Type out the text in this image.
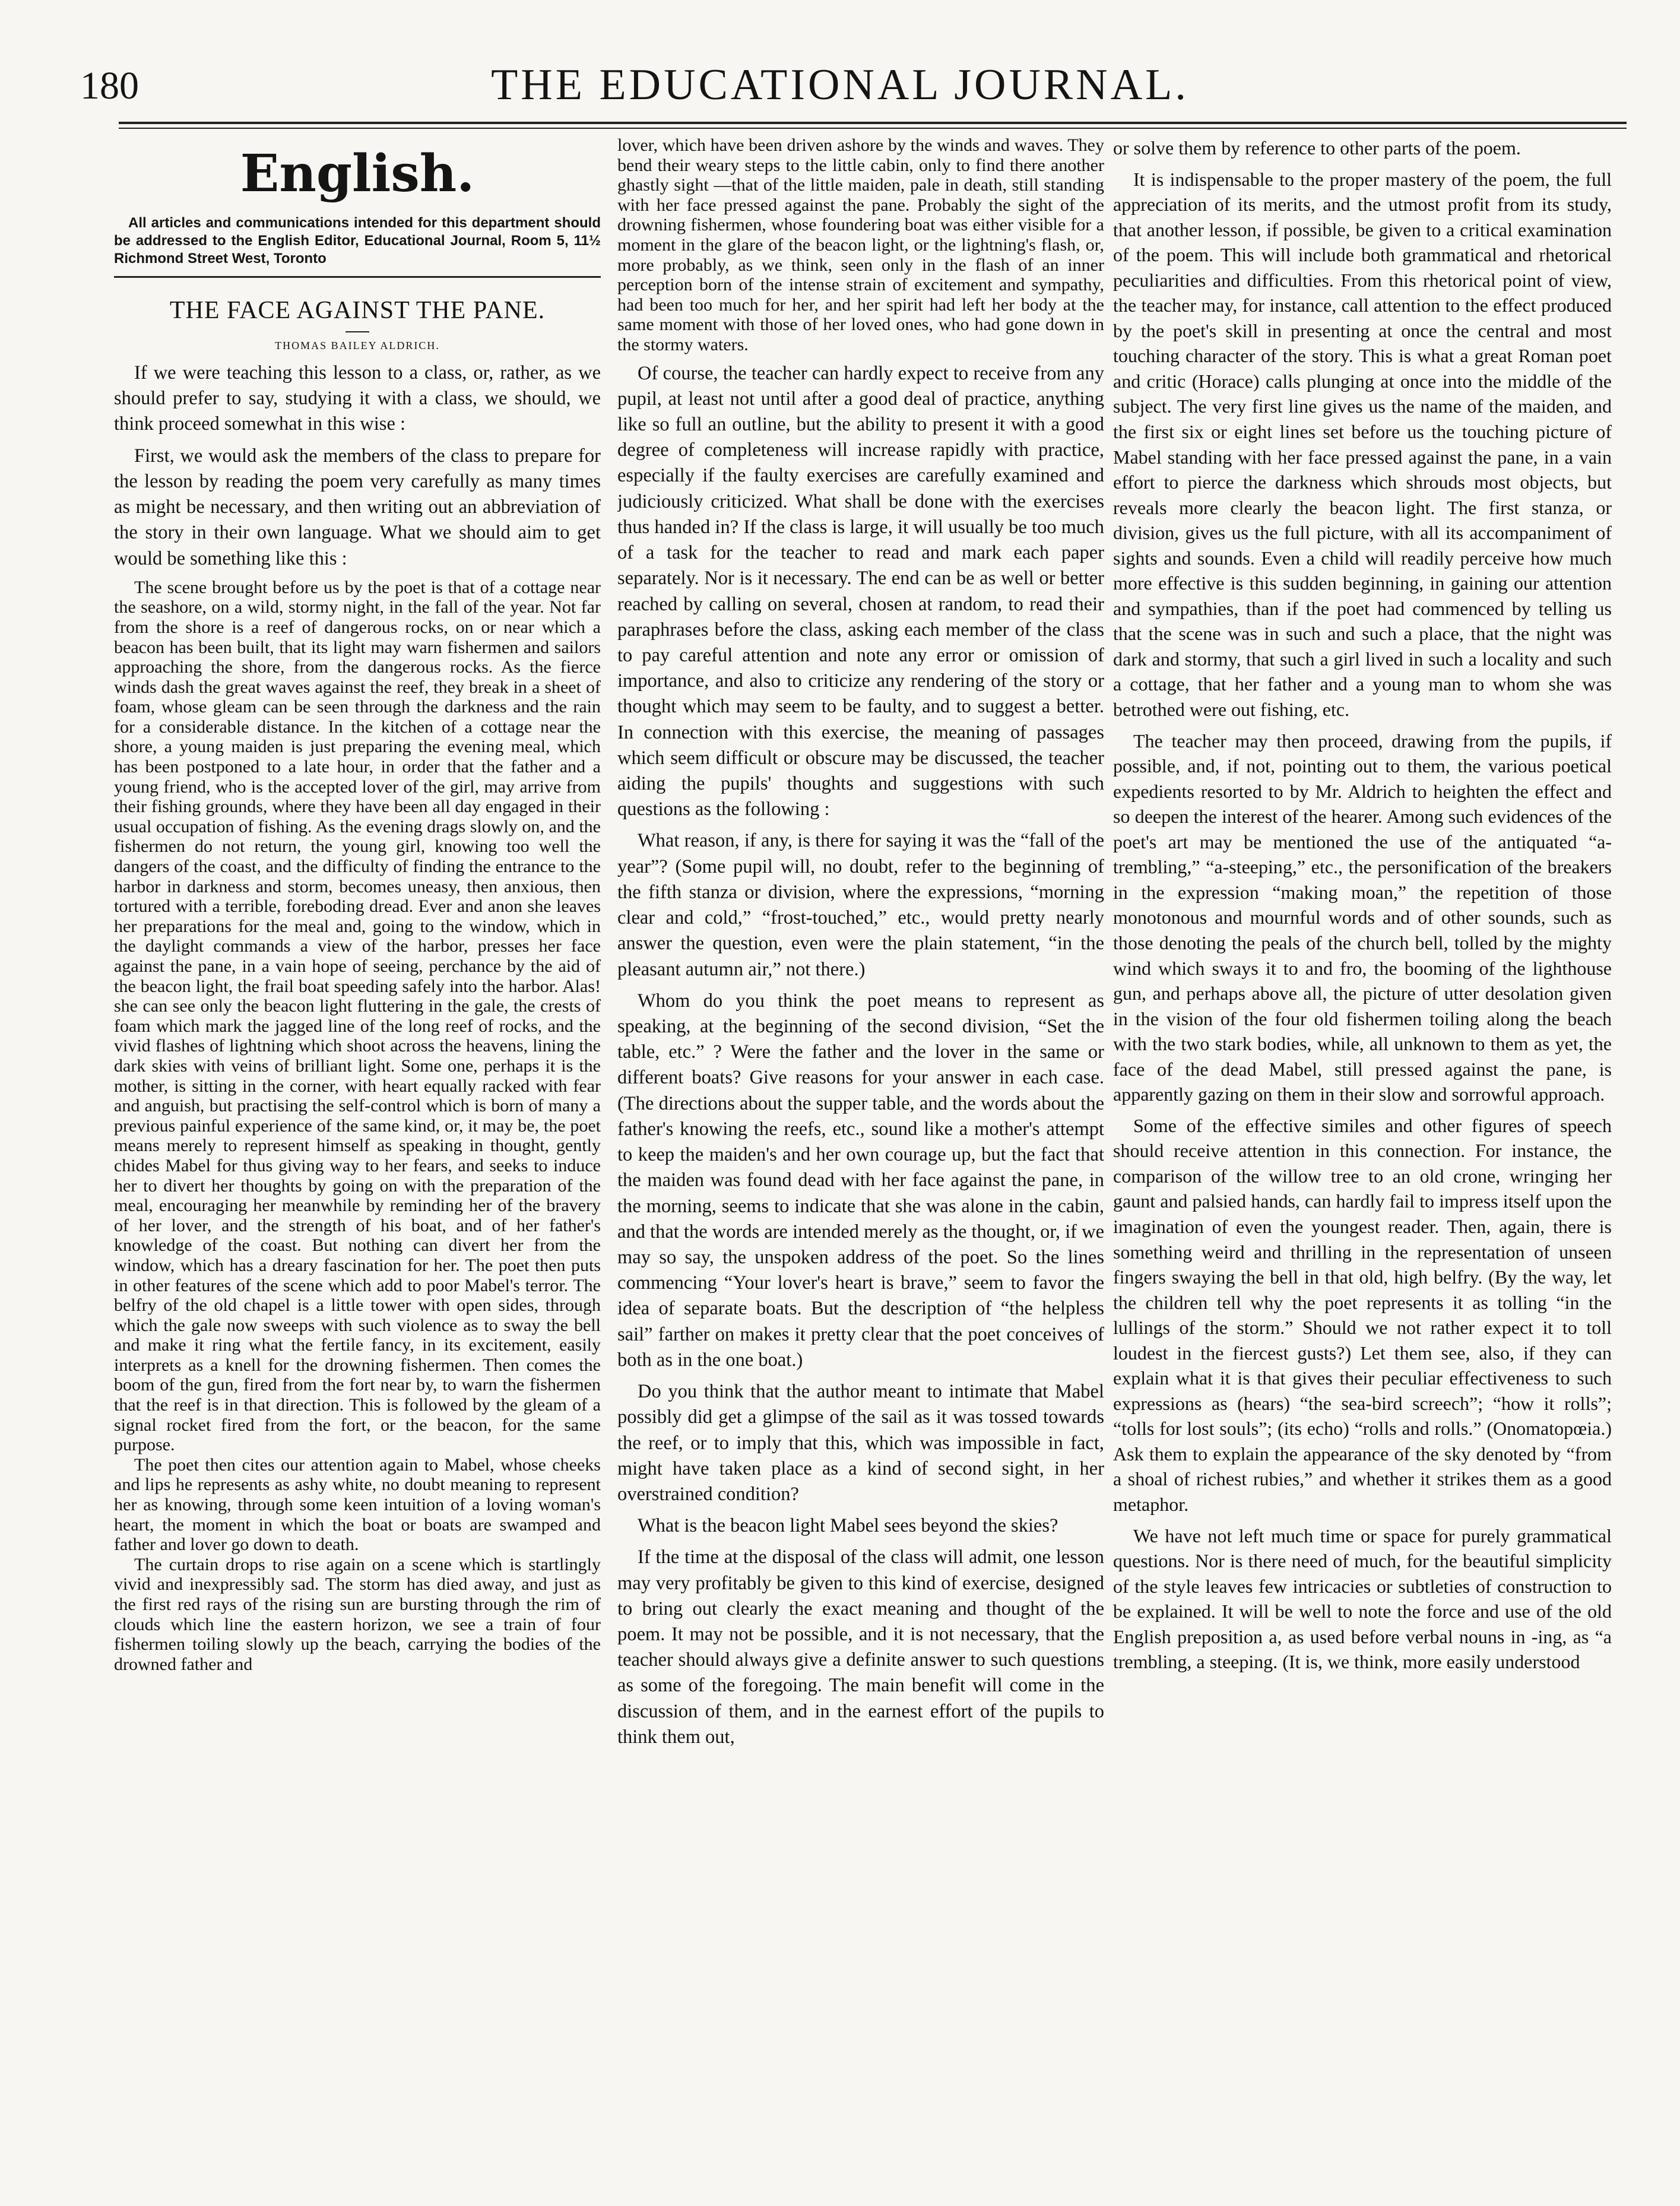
180	THE EDUCATIONAL JOURNAL.
English.

All articles and communications intended for this department should be addressed to the English Editor, Educational Journal, Room 5, 11½ Richmond Street West, Toronto

THE FACE AGAINST THE PANE.
THOMAS BAILEY ALDRICH.

If we were teaching this lesson to a class, or, rather, as we should prefer to say, studying it with a class, we should, we think proceed somewhat in this wise :

First, we would ask the members of the class to prepare for the lesson by reading the poem very carefully as many times as might be necessary, and then writing out an abbreviation of the story in their own language. What we should aim to get would be something like this :

The scene brought before us by the poet is that of a cottage near the seashore, on a wild, stormy night, in the fall of the year. Not far from the shore is a reef of dangerous rocks, on or near which a beacon has been built, that its light may warn fishermen and sailors approaching the shore, from the dangerous rocks. As the fierce winds dash the great waves against the reef, they break in a sheet of foam, whose gleam can be seen through the darkness and the rain for a considerable distance. In the kitchen of a cottage near the shore, a young maiden is just preparing the evening meal, which has been postponed to a late hour, in order that the father and a young friend, who is the accepted lover of the girl, may arrive from their fishing grounds, where they have been all day engaged in their usual occupation of fishing. As the evening drags slowly on, and the fishermen do not return, the young girl, knowing too well the dangers of the coast, and the difficulty of finding the entrance to the harbor in darkness and storm, becomes uneasy, then anxious, then tortured with a terrible, foreboding dread. Ever and anon she leaves her preparations for the meal and, going to the window, which in the daylight commands a view of the harbor, presses her face against the pane, in a vain hope of seeing, perchance by the aid of the beacon light, the frail boat speeding safely into the harbor. Alas! she can see only the beacon light fluttering in the gale, the crests of foam which mark the jagged line of the long reef of rocks, and the vivid flashes of lightning which shoot across the heavens, lining the dark skies with veins of brilliant light. Some one, perhaps it is the mother, is sitting in the corner, with heart equally racked with fear and anguish, but practising the self-control which is born of many a previous painful experience of the same kind, or, it may be, the poet means merely to represent himself as speaking in thought, gently chides Mabel for thus giving way to her fears, and seeks to induce her to divert her thoughts by going on with the preparation of the meal, encouraging her meanwhile by reminding her of the bravery of her lover, and the strength of his boat, and of her father's knowledge of the coast. But nothing can divert her from the window, which has a dreary fascination for her. The poet then puts in other features of the scene which add to poor Mabel's terror. The belfry of the old chapel is a little tower with open sides, through which the gale now sweeps with such violence as to sway the bell and make it ring what the fertile fancy, in its excitement, easily interprets as a knell for the drowning fishermen. Then comes the boom of the gun, fired from the fort near by, to warn the fishermen that the reef is in that direction. This is followed by the gleam of a signal rocket fired from the fort, or the beacon, for the same purpose.

The poet then cites our attention again to Mabel, whose cheeks and lips he represents as ashy white, no doubt meaning to represent her as knowing, through some keen intuition of a loving woman's heart, the moment in which the boat or boats are swamped and father and lover go down to death.

The curtain drops to rise again on a scene which is startlingly vivid and inexpressibly sad. The storm has died away, and just as the first red rays of the rising sun are bursting through the rim of clouds which line the eastern horizon, we see a train of four fishermen toiling slowly up the beach, carrying the bodies of the drowned father and

lover, which have been driven ashore by the winds and waves. They bend their weary steps to the little cabin, only to find there another ghastly sight —that of the little maiden, pale in death, still standing with her face pressed against the pane. Probably the sight of the drowning fishermen, whose foundering boat was either visible for a moment in the glare of the beacon light, or the lightning's flash, or, more probably, as we think, seen only in the flash of an inner perception born of the intense strain of excitement and sympathy, had been too much for her, and her spirit had left her body at the same moment with those of her loved ones, who had gone down in the stormy waters.

Of course, the teacher can hardly expect to receive from any pupil, at least not until after a good deal of practice, anything like so full an outline, but the ability to present it with a good degree of completeness will increase rapidly with practice, especially if the faulty exercises are carefully examined and judiciously criticized. What shall be done with the exercises thus handed in? If the class is large, it will usually be too much of a task for the teacher to read and mark each paper separately. Nor is it necessary. The end can be as well or better reached by calling on several, chosen at random, to read their paraphrases before the class, asking each member of the class to pay careful attention and note any error or omission of importance, and also to criticize any rendering of the story or thought which may seem to be faulty, and to suggest a better. In connection with this exercise, the meaning of passages which seem difficult or obscure may be discussed, the teacher aiding the pupils' thoughts and suggestions with such questions as the following :

What reason, if any, is there for saying it was the “fall of the year”? (Some pupil will, no doubt, refer to the beginning of the fifth stanza or division, where the expressions, “morning clear and cold,” “frost-touched,” etc., would pretty nearly answer the question, even were the plain statement, “in the pleasant autumn air,” not there.)

Whom do you think the poet means to represent as speaking, at the beginning of the second division, “Set the table, etc.” ? Were the father and the lover in the same or different boats? Give reasons for your answer in each case. (The directions about the supper table, and the words about the father's knowing the reefs, etc., sound like a mother's attempt to keep the maiden's and her own courage up, but the fact that the maiden was found dead with her face against the pane, in the morning, seems to indicate that she was alone in the cabin, and that the words are intended merely as the thought, or, if we may so say, the unspoken address of the poet. So the lines commencing “Your lover's heart is brave,” seem to favor the idea of separate boats. But the description of “the helpless sail” farther on makes it pretty clear that the poet conceives of both as in the one boat.)

Do you think that the author meant to intimate that Mabel possibly did get a glimpse of the sail as it was tossed towards the reef, or to imply that this, which was impossible in fact, might have taken place as a kind of second sight, in her overstrained condition?

What is the beacon light Mabel sees beyond the skies?

If the time at the disposal of the class will admit, one lesson may very profitably be given to this kind of exercise, designed to bring out clearly the exact meaning and thought of the poem. It may not be possible, and it is not necessary, that the teacher should always give a definite answer to such questions as some of the foregoing. The main benefit will come in the discussion of them, and in the earnest effort of the pupils to think them out,

or solve them by reference to other parts of the poem.

It is indispensable to the proper mastery of the poem, the full appreciation of its merits, and the utmost profit from its study, that another lesson, if possible, be given to a critical examination of the poem. This will include both grammatical and rhetorical peculiarities and difficulties. From this rhetorical point of view, the teacher may, for instance, call attention to the effect produced by the poet's skill in presenting at once the central and most touching character of the story. This is what a great Roman poet and critic (Horace) calls plunging at once into the middle of the subject. The very first line gives us the name of the maiden, and the first six or eight lines set before us the touching picture of Mabel standing with her face pressed against the pane, in a vain effort to pierce the darkness which shrouds most objects, but reveals more clearly the beacon light. The first stanza, or division, gives us the full picture, with all its accompaniment of sights and sounds. Even a child will readily perceive how much more effective is this sudden beginning, in gaining our attention and sympathies, than if the poet had commenced by telling us that the scene was in such and such a place, that the night was dark and stormy, that such a girl lived in such a locality and such a cottage, that her father and a young man to whom she was betrothed were out fishing, etc.

The teacher may then proceed, drawing from the pupils, if possible, and, if not, pointing out to them, the various poetical expedients resorted to by Mr. Aldrich to heighten the effect and so deepen the interest of the hearer. Among such evidences of the poet's art may be mentioned the use of the antiquated “a-trembling,” “a-steeping,” etc., the personification of the breakers in the expression “making moan,” the repetition of those monotonous and mournful words and of other sounds, such as those denoting the peals of the church bell, tolled by the mighty wind which sways it to and fro, the booming of the lighthouse gun, and perhaps above all, the picture of utter desolation given in the vision of the four old fishermen toiling along the beach with the two stark bodies, while, all unknown to them as yet, the face of the dead Mabel, still pressed against the pane, is apparently gazing on them in their slow and sorrowful approach.

Some of the effective similes and other figures of speech should receive attention in this connection. For instance, the comparison of the willow tree to an old crone, wringing her gaunt and palsied hands, can hardly fail to impress itself upon the imagination of even the youngest reader. Then, again, there is something weird and thrilling in the representation of unseen fingers swaying the bell in that old, high belfry. (By the way, let the children tell why the poet represents it as tolling “in the lullings of the storm.” Should we not rather expect it to toll loudest in the fiercest gusts?) Let them see, also, if they can explain what it is that gives their peculiar effectiveness to such expressions as (hears) “the sea-bird screech”; “how it rolls”; “tolls for lost souls”; (its echo) “rolls and rolls.” (Onomatopœia.) Ask them to explain the appearance of the sky denoted by “from a shoal of richest rubies,” and whether it strikes them as a good metaphor.

We have not left much time or space for purely grammatical questions. Nor is there need of much, for the beautiful simplicity of the style leaves few intricacies or subtleties of construction to be explained. It will be well to note the force and use of the old English preposition a, as used before verbal nouns in -ing, as “a trembling, a steeping. (It is, we think, more easily understood
